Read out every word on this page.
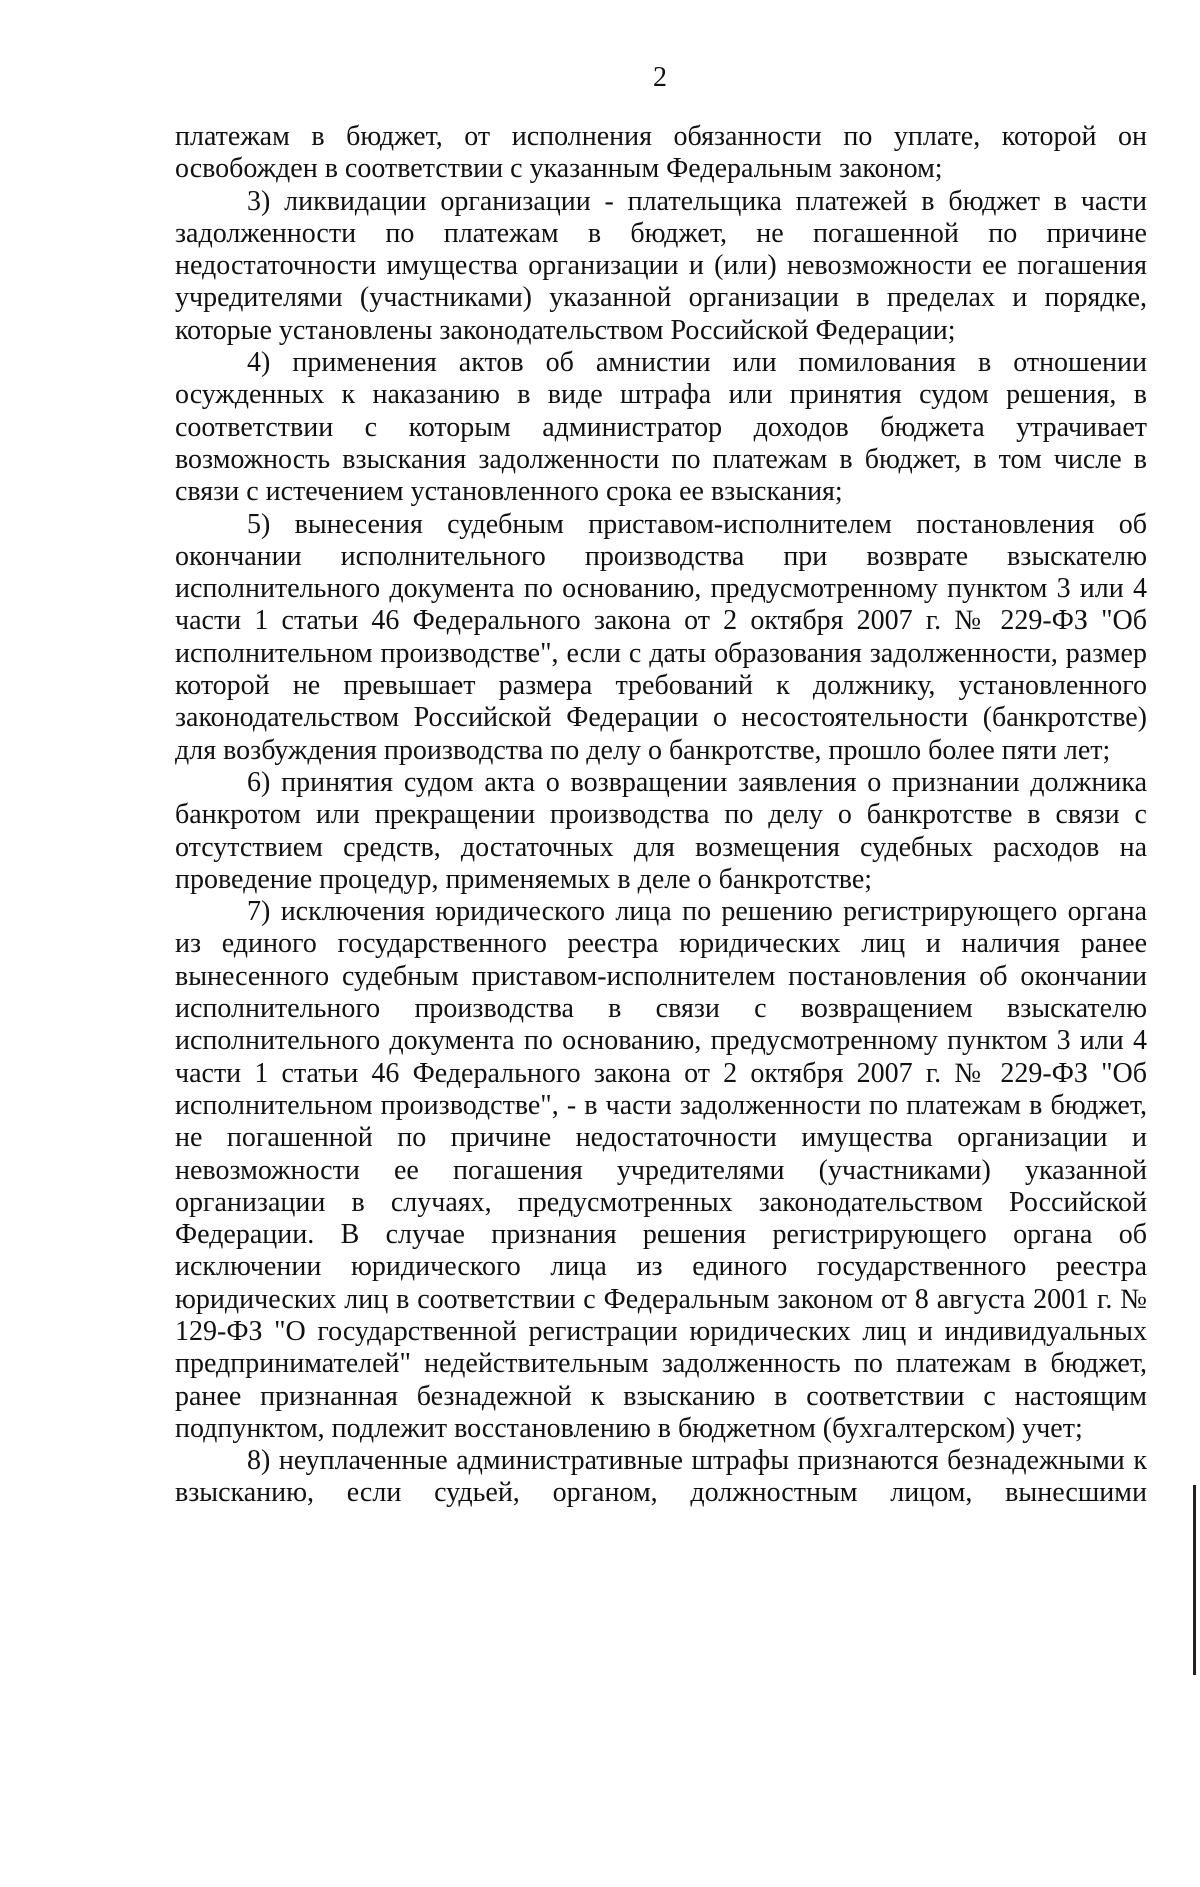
2

платежам в бюджет, от исполнения обязанности по уплате, которой он освобожден в соответствии с указанным Федеральным законом;

3) ликвидации организации - плательщика платежей в бюджет в части задолженности по платежам в бюджет, не погашенной по причине недостаточности имущества организации и (или) невозможности ее погашения учредителями (участниками) указанной организации в пределах и порядке, которые установлены законодательством Российской Федерации;

4) применения актов об амнистии или помилования в отношении осужденных к наказанию в виде штрафа или принятия судом решения, в соответствии с которым администратор доходов бюджета утрачивает возможность взыскания задолженности по платежам в бюджет, в том числе в связи с истечением установленного срока ее взыскания;

5) вынесения судебным приставом-исполнителем постановления об окончании исполнительного производства при возврате взыскателю исполнительного документа по основанию, предусмотренному пунктом 3 или 4 части 1 статьи 46 Федерального закона от 2 октября 2007 г. № 229-ФЗ "Об исполнительном производстве", если с даты образования задолженности, размер которой не превышает размера требований к должнику, установленного законодательством Российской Федерации о несостоятельности (банкротстве) для возбуждения производства по делу о банкротстве, прошло более пяти лет;

6) принятия судом акта о возвращении заявления о признании должника банкротом или прекращении производства по делу о банкротстве в связи с отсутствием средств, достаточных для возмещения судебных расходов на проведение процедур, применяемых в деле о банкротстве;

7) исключения юридического лица по решению регистрирующего органа из единого государственного реестра юридических лиц и наличия ранее вынесенного судебным приставом-исполнителем постановления об окончании исполнительного производства в связи с возвращением взыскателю исполнительного документа по основанию, предусмотренному пунктом 3 или 4 части 1 статьи 46 Федерального закона от 2 октября 2007 г. № 229-ФЗ "Об исполнительном производстве", - в части задолженности по платежам в бюджет, не погашенной по причине недостаточности имущества организации и невозможности ее погашения учредителями (участниками) указанной организации в случаях, предусмотренных законодательством Российской Федерации. В случае признания решения регистрирующего органа об исключении юридического лица из единого государственного реестра юридических лиц в соответствии с Федеральным законом от 8 августа 2001 г. № 129-ФЗ "О государственной регистрации юридических лиц и индивидуальных предпринимателей" недействительным задолженность по платежам в бюджет, ранее признанная безнадежной к взысканию в соответствии с настоящим подпунктом, подлежит восстановлению в бюджетном (бухгалтерском) учет;

8) неуплаченные административные штрафы признаются безнадежными к взысканию, если судьей, органом, должностным лицом, вынесшими
